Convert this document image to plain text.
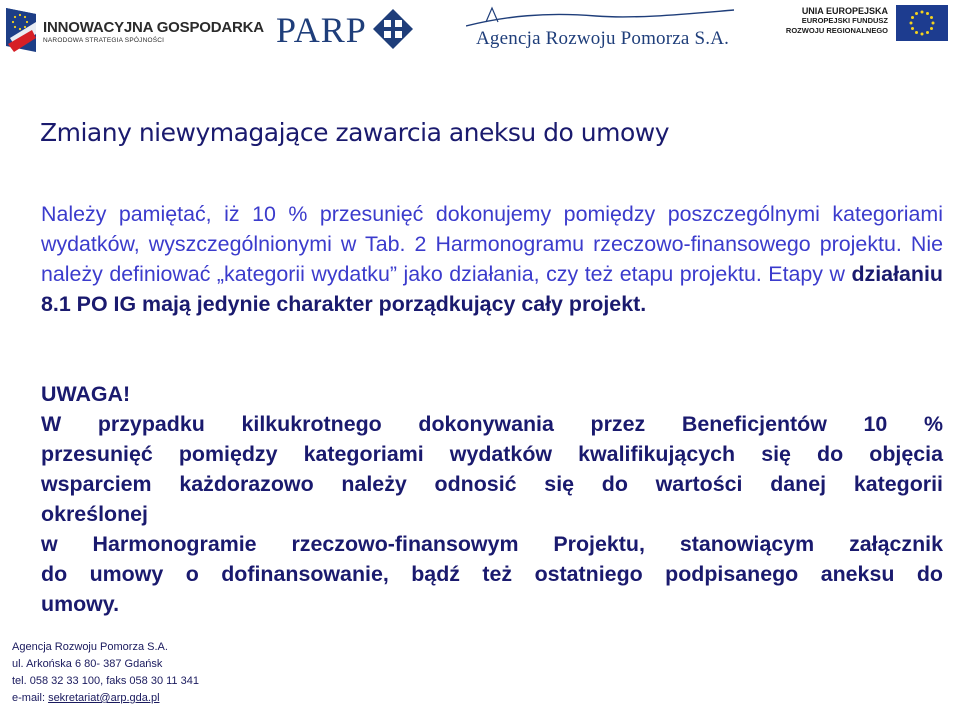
INNOWACYJNA GOSPODARKA
NARODOWA STRATEGIA SPÓJNOŚCI	PARP	Agencja Rozwoju Pomorza S.A.
UNIA EUROPEJSKA
EUROPEJSKI FUNDUSZ
ROZWOJU REGIONALNEGO
Zmiany niewymagające zawarcia aneksu do umowy
Należy pamiętać, iż 10 % przesunięć dokonujemy pomiędzy poszczególnymi kategoriami wydatków, wyszczególnionymi w Tab. 2 Harmonogramu rzeczowo-finansowego projektu. Nie należy definiować „kategorii wydatku” jako działania, czy też etapu projektu. Etapy w działaniu 8.1 PO IG mają jedynie charakter porządkujący cały projekt.
UWAGA!
W przypadku kilkukrotnego dokonywania przez Beneficjentów 10 %
przesunięć pomiędzy kategoriami wydatków kwalifikujących się do objęcia
wsparciem każdorazowo należy odnosić się do wartości danej kategorii
określonej
w Harmonogramie rzeczowo-finansowym Projektu, stanowiącym załącznik
do umowy o dofinansowanie, bądź też ostatniego podpisanego aneksu do
umowy.
Agencja Rozwoju Pomorza S.A.
ul. Arkońska 6 80- 387 Gdańsk
tel. 058 32 33 100, faks 058 30 11 341
e-mail: sekretariat@arp.gda.pl
